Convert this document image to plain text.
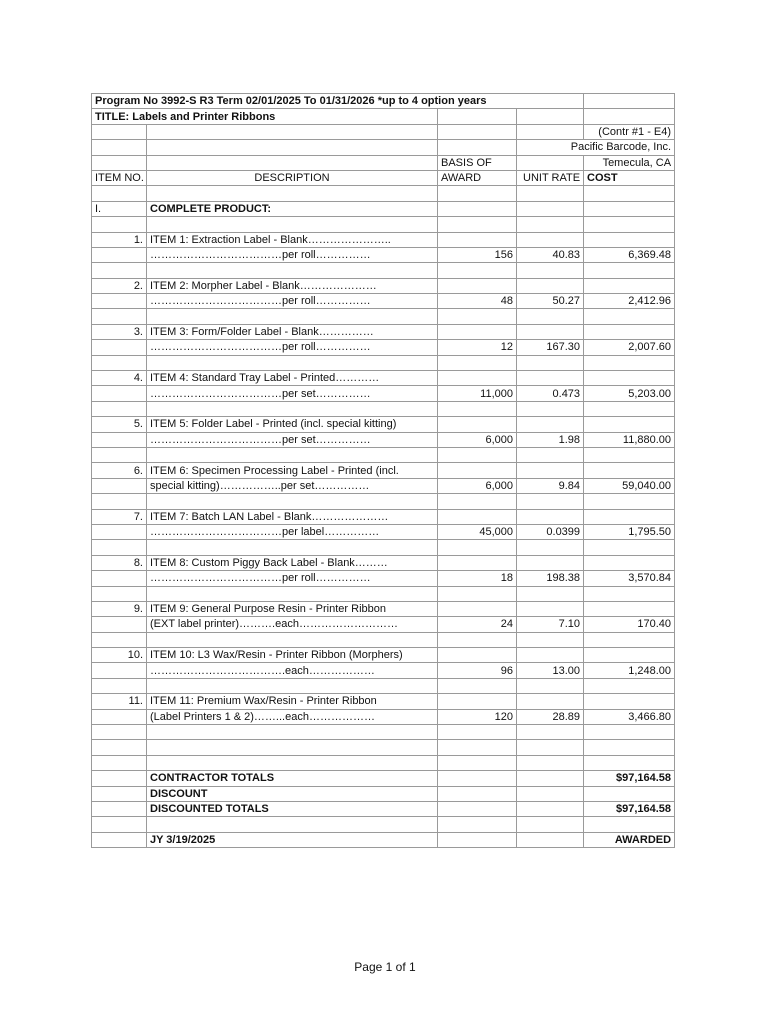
Program No 3992-S R3 Term 02/01/2025 To 01/31/2026 *up to 4 option years				
TITLE: Labels and Printer Ribbons				
				(Contr #1 - E4)
			Pacific Barcode, Inc.	
		BASIS OF		Temecula, CA
ITEM NO.	DESCRIPTION	AWARD	UNIT RATE	COST

I.	COMPLETE PRODUCT:			

1.	ITEM 1: Extraction Label - Blank…………………..			
	………………………………per roll……………	156	40.83	6,369.48

2.	ITEM 2: Morpher Label - Blank…………………			
	………………………………per roll……………	48	50.27	2,412.96

3.	ITEM 3: Form/Folder Label - Blank……………			
	………………………………per roll……………	12	167.30	2,007.60

4.	ITEM 4: Standard Tray Label - Printed…………			
	………………………………per set……………	11,000	0.473	5,203.00

5.	ITEM 5: Folder Label - Printed (incl. special kitting)			
	………………………………per set……………	6,000	1.98	11,880.00

6.	ITEM 6: Specimen Processing Label - Printed (incl.			
	special kitting)……………..per set……………	6,000	9.84	59,040.00

7.	ITEM 7: Batch LAN Label - Blank…………………			
	………………………………per label……………	45,000	0.0399	1,795.50

8.	ITEM 8: Custom Piggy Back Label - Blank………			
	………………………………per roll……………	18	198.38	3,570.84

9.	ITEM 9: General Purpose Resin - Printer Ribbon			
	(EXT label printer)……….each………………………	24	7.10	170.40

10.	ITEM 10: L3 Wax/Resin - Printer Ribbon (Morphers)			
	……………………………….each………………	96	13.00	1,248.00

11.	ITEM 11: Premium Wax/Resin - Printer Ribbon			
	(Label Printers 1 & 2)……...each………………	120	28.89	3,466.80

	CONTRACTOR TOTALS			$97,164.58
	DISCOUNT			
	DISCOUNTED TOTALS			$97,164.58

	JY 3/19/2025			AWARDED
Page 1 of 1
